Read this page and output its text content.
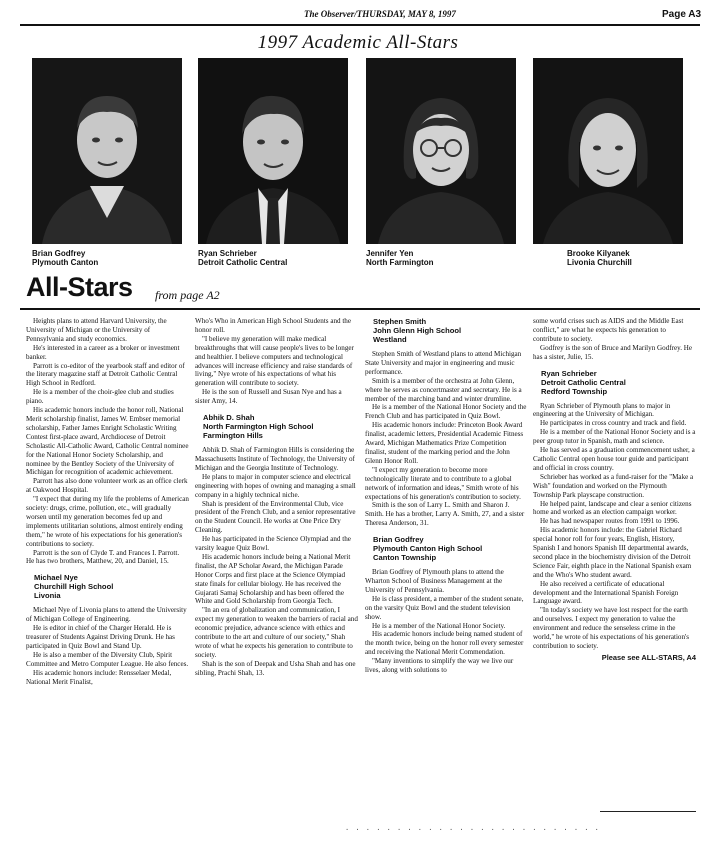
The Observer/THURSDAY, MAY 8, 1997	Page A3
1997 Academic All-Stars
Brian Godfrey
Plymouth Canton
Ryan Schrieber
Detroit Catholic Central
Jennifer Yen
North Farmington
Brooke Kilyanek
Livonia Churchill
All-Stars from page A2

Heights plans to attend Harvard University, the University of Michigan or the University of Pennsylvania and study economics.

He's interested in a career as a broker or investment banker.

Parrott is co-editor of the yearbook staff and editor of the literary magazine staff at Detroit Catholic Central High School in Redford.

He is a member of the choir-glee club and studies piano.

His academic honors include the honor roll, National Merit scholarship finalist, James W. Embser memorial scholarship, Father James Enright Scholastic Writing Contest first-place award, Archdiocese of Detroit Scholastic All-Catholic Award, Catholic Central nominee for the National Honor Society Scholarship, and nominee by the Bentley Society of the University of Michigan for recognition of academic achievement.

Parrott has also done volunteer work as an office clerk at Oakwood Hospital.

"I expect that during my life the problems of American society: drugs, crime, pollution, etc., will gradually worsen until my generation becomes fed up and implements utilitarian solutions, almost entirely ending them," he wrote of his expectations for his generation's contributions to society.

Parrott is the son of Clyde T. and Frances I. Parrott. He has two brothers, Matthew, 20, and Daniel, 15.

Michael Nye
Churchill High School
Livonia

Michael Nye of Livonia plans to attend the University of Michigan College of Engineering.

He is editor in chief of the Charger Herald. He is treasurer of Students Against Driving Drunk. He has participated in Quiz Bowl and Stand Up.

He is also a member of the Diversity Club, Spirit Committee and Metro Computer League. He also fences.

His academic honors include: Rensselaer Medal, National Merit Finalist,

Who's Who in American High School Students and the honor roll.

"I believe my generation will make medical breakthroughs that will cause people's lives to be longer and healthier. I believe computers and technological advances will increase efficiency and raise standards of living," Nye wrote of his expectations of what his generation will contribute to society.

He is the son of Russell and Susan Nye and has a sister Amy, 14.

Abhik D. Shah
North Farmington High School
Farmington Hills

Abhik D. Shah of Farmington Hills is considering the Massachusetts Institute of Technology, the University of Michigan and the Georgia Institute of Technology.

He plans to major in computer science and electrical engineering with hopes of owning and managing a small company in a highly technical niche.

Shah is president of the Environmental Club, vice president of the French Club, and a senior representative on the Student Council. He works at One Price Dry Cleaning.

He has participated in the Science Olympiad and the varsity league Quiz Bowl.

His academic honors include being a National Merit finalist, the AP Scholar Award, the Michigan Parade Honor Corps and first place at the Science Olympiad state finals for cellular biology. He has received the Gujarati Samaj Scholarship and has been offered the White and Gold Scholarship from Georgia Tech.

"In an era of globalization and communication, I expect my generation to weaken the barriers of racial and economic prejudice, advance science with ethics and contribute to the art and culture of our society," Shah wrote of what he expects his generation to contribute to society.

Shah is the son of Deepak and Usha Shah and has one sibling, Prachi Shah, 13.

Stephen Smith
John Glenn High School
Westland

Stephen Smith of Westland plans to attend Michigan State University and major in engineering and music performance.

Smith is a member of the orchestra at John Glenn, where he serves as concertmaster and secretary. He is a member of the marching band and winter drumline.

He is a member of the National Honor Society and the French Club and has participated in Quiz Bowl.

His academic honors include: Princeton Book Award finalist, academic letters, Presidential Academic Fitness Award, Michigan Mathematics Prize Competition finalist, student of the marking period and the John Glenn Honor Roll.

"I expect my generation to become more technologically literate and to contribute to a global network of information and ideas," Smith wrote of his expectations of his generation's contribution to society.

Smith is the son of Larry L. Smith and Sharon J. Smith. He has a brother, Larry A. Smith, 27, and a sister Theresa Anderson, 31.

Brian Godfrey
Plymouth Canton High School
Canton Township

Brian Godfrey of Plymouth plans to attend the Wharton School of Business Management at the University of Pennsylvania.

He is class president, a member of the student senate, on the varsity Quiz Bowl and the student television show.

He is a member of the National Honor Society.

His academic honors include being named student of the month twice, being on the honor roll every semester and receiving the National Merit Commendation.

"Many inventions to simplify the way we live our lives, along with solutions to

some world crises such as AIDS and the Middle East conflict," are what he expects his generation to contribute to society.

Godfrey is the son of Bruce and Marilyn Godfrey. He has a sister, Julie, 15.

Ryan Schrieber
Detroit Catholic Central
Redford Township

Ryan Schrieber of Plymouth plans to major in engineering at the University of Michigan.

He participates in cross country and track and field.

He is a member of the National Honor Society and is a peer group tutor in Spanish, math and science.

He has served as a graduation commencement usher, a Catholic Central open house tour guide and participant and official in cross country.

Schrieber has worked as a fund-raiser for the "Make a Wish" foundation and worked on the Plymouth Township Park playscape construction.

He helped paint, landscape and clear a senior citizens home and worked as an election campaign worker.

He has had newspaper routes from 1991 to 1996.

His academic honors include: the Gabriel Richard special honor roll for four years, English, History, Spanish I and honors Spanish III departmental awards, second place in the biochemistry division of the Detroit Science Fair, eighth place in the National Spanish exam and the Who's Who student award.

He also received a certificate of educational development and the International Spanish Foreign Language award.

"In today's society we have lost respect for the earth and ourselves. I expect my generation to value the environment and reduce the senseless crime in the world," he wrote of his expectations of his generation's contribution to society.

Please see ALL-STARS, A4
. . . . . . . . . . . . . . . . . . . . . . . . .
